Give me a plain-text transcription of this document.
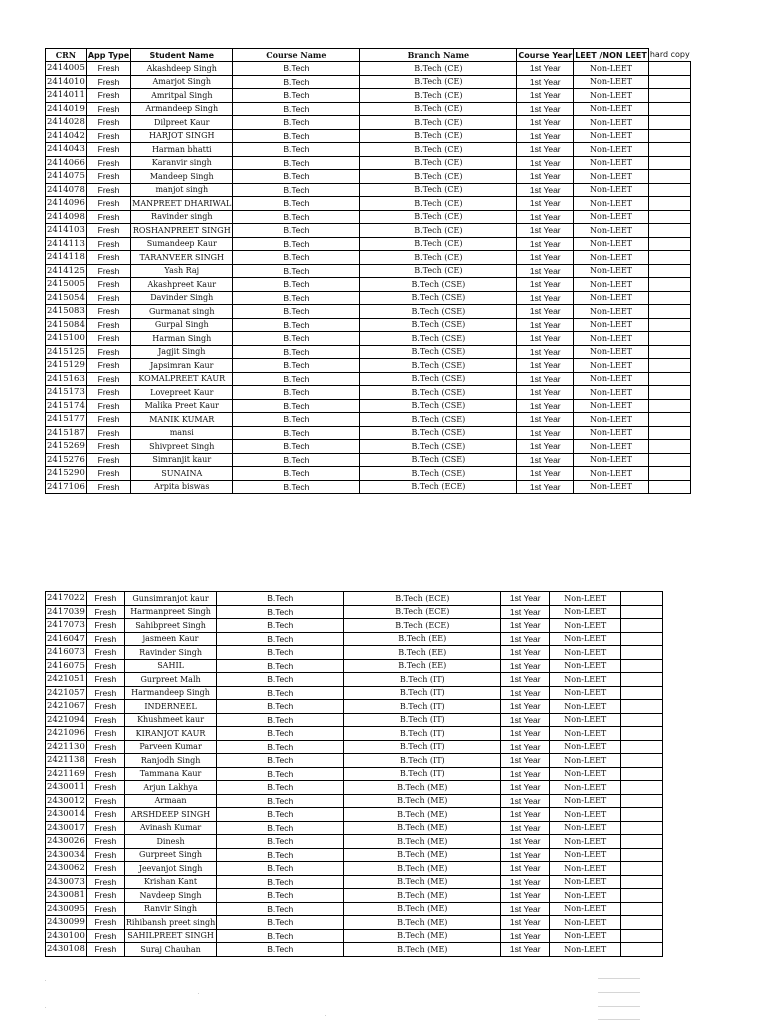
CRN	App Type	Student Name	Course Name	Branch Name	Course Year	LEET /NON LEET	hard copy
2414005	Fresh	Akashdeep Singh	B.Tech	B.Tech (CE)	1st Year	Non-LEET	
2414010	Fresh	Amarjot Singh	B.Tech	B.Tech (CE)	1st Year	Non-LEET	
2414011	Fresh	Amritpal Singh	B.Tech	B.Tech (CE)	1st Year	Non-LEET	
2414019	Fresh	Armandeep Singh	B.Tech	B.Tech (CE)	1st Year	Non-LEET	
2414028	Fresh	Dilpreet Kaur	B.Tech	B.Tech (CE)	1st Year	Non-LEET	
2414042	Fresh	HARJOT SINGH	B.Tech	B.Tech (CE)	1st Year	Non-LEET	
2414043	Fresh	Harman bhatti	B.Tech	B.Tech (CE)	1st Year	Non-LEET	
2414066	Fresh	Karanvir singh	B.Tech	B.Tech (CE)	1st Year	Non-LEET	
2414075	Fresh	Mandeep Singh	B.Tech	B.Tech (CE)	1st Year	Non-LEET	
2414078	Fresh	manjot singh	B.Tech	B.Tech (CE)	1st Year	Non-LEET	
2414096	Fresh	MANPREET DHARIWAL	B.Tech	B.Tech (CE)	1st Year	Non-LEET	
2414098	Fresh	Ravinder singh	B.Tech	B.Tech (CE)	1st Year	Non-LEET	
2414103	Fresh	ROSHANPREET SINGH	B.Tech	B.Tech (CE)	1st Year	Non-LEET	
2414113	Fresh	Sumandeep Kaur	B.Tech	B.Tech (CE)	1st Year	Non-LEET	
2414118	Fresh	TARANVEER SINGH	B.Tech	B.Tech (CE)	1st Year	Non-LEET	
2414125	Fresh	Yash Raj	B.Tech	B.Tech (CE)	1st Year	Non-LEET	
2415005	Fresh	Akashpreet Kaur	B.Tech	B.Tech (CSE)	1st Year	Non-LEET	
2415054	Fresh	Davinder Singh	B.Tech	B.Tech (CSE)	1st Year	Non-LEET	
2415083	Fresh	Gurmanat singh	B.Tech	B.Tech (CSE)	1st Year	Non-LEET	
2415084	Fresh	Gurpal Singh	B.Tech	B.Tech (CSE)	1st Year	Non-LEET	
2415100	Fresh	Harman Singh	B.Tech	B.Tech (CSE)	1st Year	Non-LEET	
2415125	Fresh	Jagjit Singh	B.Tech	B.Tech (CSE)	1st Year	Non-LEET	
2415129	Fresh	Japsimran Kaur	B.Tech	B.Tech (CSE)	1st Year	Non-LEET	
2415163	Fresh	KOMALPREET KAUR	B.Tech	B.Tech (CSE)	1st Year	Non-LEET	
2415173	Fresh	Lovepreet Kaur	B.Tech	B.Tech (CSE)	1st Year	Non-LEET	
2415174	Fresh	Malika Preet Kaur	B.Tech	B.Tech (CSE)	1st Year	Non-LEET	
2415177	Fresh	MANIK KUMAR	B.Tech	B.Tech (CSE)	1st Year	Non-LEET	
2415187	Fresh	mansi	B.Tech	B.Tech (CSE)	1st Year	Non-LEET	
2415269	Fresh	Shivpreet Singh	B.Tech	B.Tech (CSE)	1st Year	Non-LEET	
2415276	Fresh	Simranjit kaur	B.Tech	B.Tech (CSE)	1st Year	Non-LEET	
2415290	Fresh	SUNAINA	B.Tech	B.Tech (CSE)	1st Year	Non-LEET	
2417106	Fresh	Arpita biswas	B.Tech	B.Tech (ECE)	1st Year	Non-LEET	
2417022	Fresh	Gunsimranjot kaur	B.Tech	B.Tech (ECE)	1st Year	Non-LEET	
2417039	Fresh	Harmanpreet Singh	B.Tech	B.Tech (ECE)	1st Year	Non-LEET	
2417073	Fresh	Sahibpreet Singh	B.Tech	B.Tech (ECE)	1st Year	Non-LEET	
2416047	Fresh	jasmeen Kaur	B.Tech	B.Tech (EE)	1st Year	Non-LEET	
2416073	Fresh	Ravinder Singh	B.Tech	B.Tech (EE)	1st Year	Non-LEET	
2416075	Fresh	SAHIL	B.Tech	B.Tech (EE)	1st Year	Non-LEET	
2421051	Fresh	Gurpreet Malh	B.Tech	B.Tech (IT)	1st Year	Non-LEET	
2421057	Fresh	Harmandeep Singh	B.Tech	B.Tech (IT)	1st Year	Non-LEET	
2421067	Fresh	INDERNEEL	B.Tech	B.Tech (IT)	1st Year	Non-LEET	
2421094	Fresh	Khushmeet kaur	B.Tech	B.Tech (IT)	1st Year	Non-LEET	
2421096	Fresh	KIRANJOT KAUR	B.Tech	B.Tech (IT)	1st Year	Non-LEET	
2421130	Fresh	Parveen Kumar	B.Tech	B.Tech (IT)	1st Year	Non-LEET	
2421138	Fresh	Ranjodh Singh	B.Tech	B.Tech (IT)	1st Year	Non-LEET	
2421169	Fresh	Tammana Kaur	B.Tech	B.Tech (IT)	1st Year	Non-LEET	
2430011	Fresh	Arjun Lakhya	B.Tech	B.Tech (ME)	1st Year	Non-LEET	
2430012	Fresh	Armaan	B.Tech	B.Tech (ME)	1st Year	Non-LEET	
2430014	Fresh	ARSHDEEP SINGH	B.Tech	B.Tech (ME)	1st Year	Non-LEET	
2430017	Fresh	Avinash Kumar	B.Tech	B.Tech (ME)	1st Year	Non-LEET	
2430026	Fresh	Dinesh	B.Tech	B.Tech (ME)	1st Year	Non-LEET	
2430034	Fresh	Gurpreet Singh	B.Tech	B.Tech (ME)	1st Year	Non-LEET	
2430062	Fresh	Jeevanjot Singh	B.Tech	B.Tech (ME)	1st Year	Non-LEET	
2430073	Fresh	Krishan Kant	B.Tech	B.Tech (ME)	1st Year	Non-LEET	
2430081	Fresh	Navdeep Singh	B.Tech	B.Tech (ME)	1st Year	Non-LEET	
2430095	Fresh	Ranvir Singh	B.Tech	B.Tech (ME)	1st Year	Non-LEET	
2430099	Fresh	Rihibansh preet singh	B.Tech	B.Tech (ME)	1st Year	Non-LEET	
2430100	Fresh	SAHILPREET SINGH	B.Tech	B.Tech (ME)	1st Year	Non-LEET	
2430108	Fresh	Suraj Chauhan	B.Tech	B.Tech (ME)	1st Year	Non-LEET	
